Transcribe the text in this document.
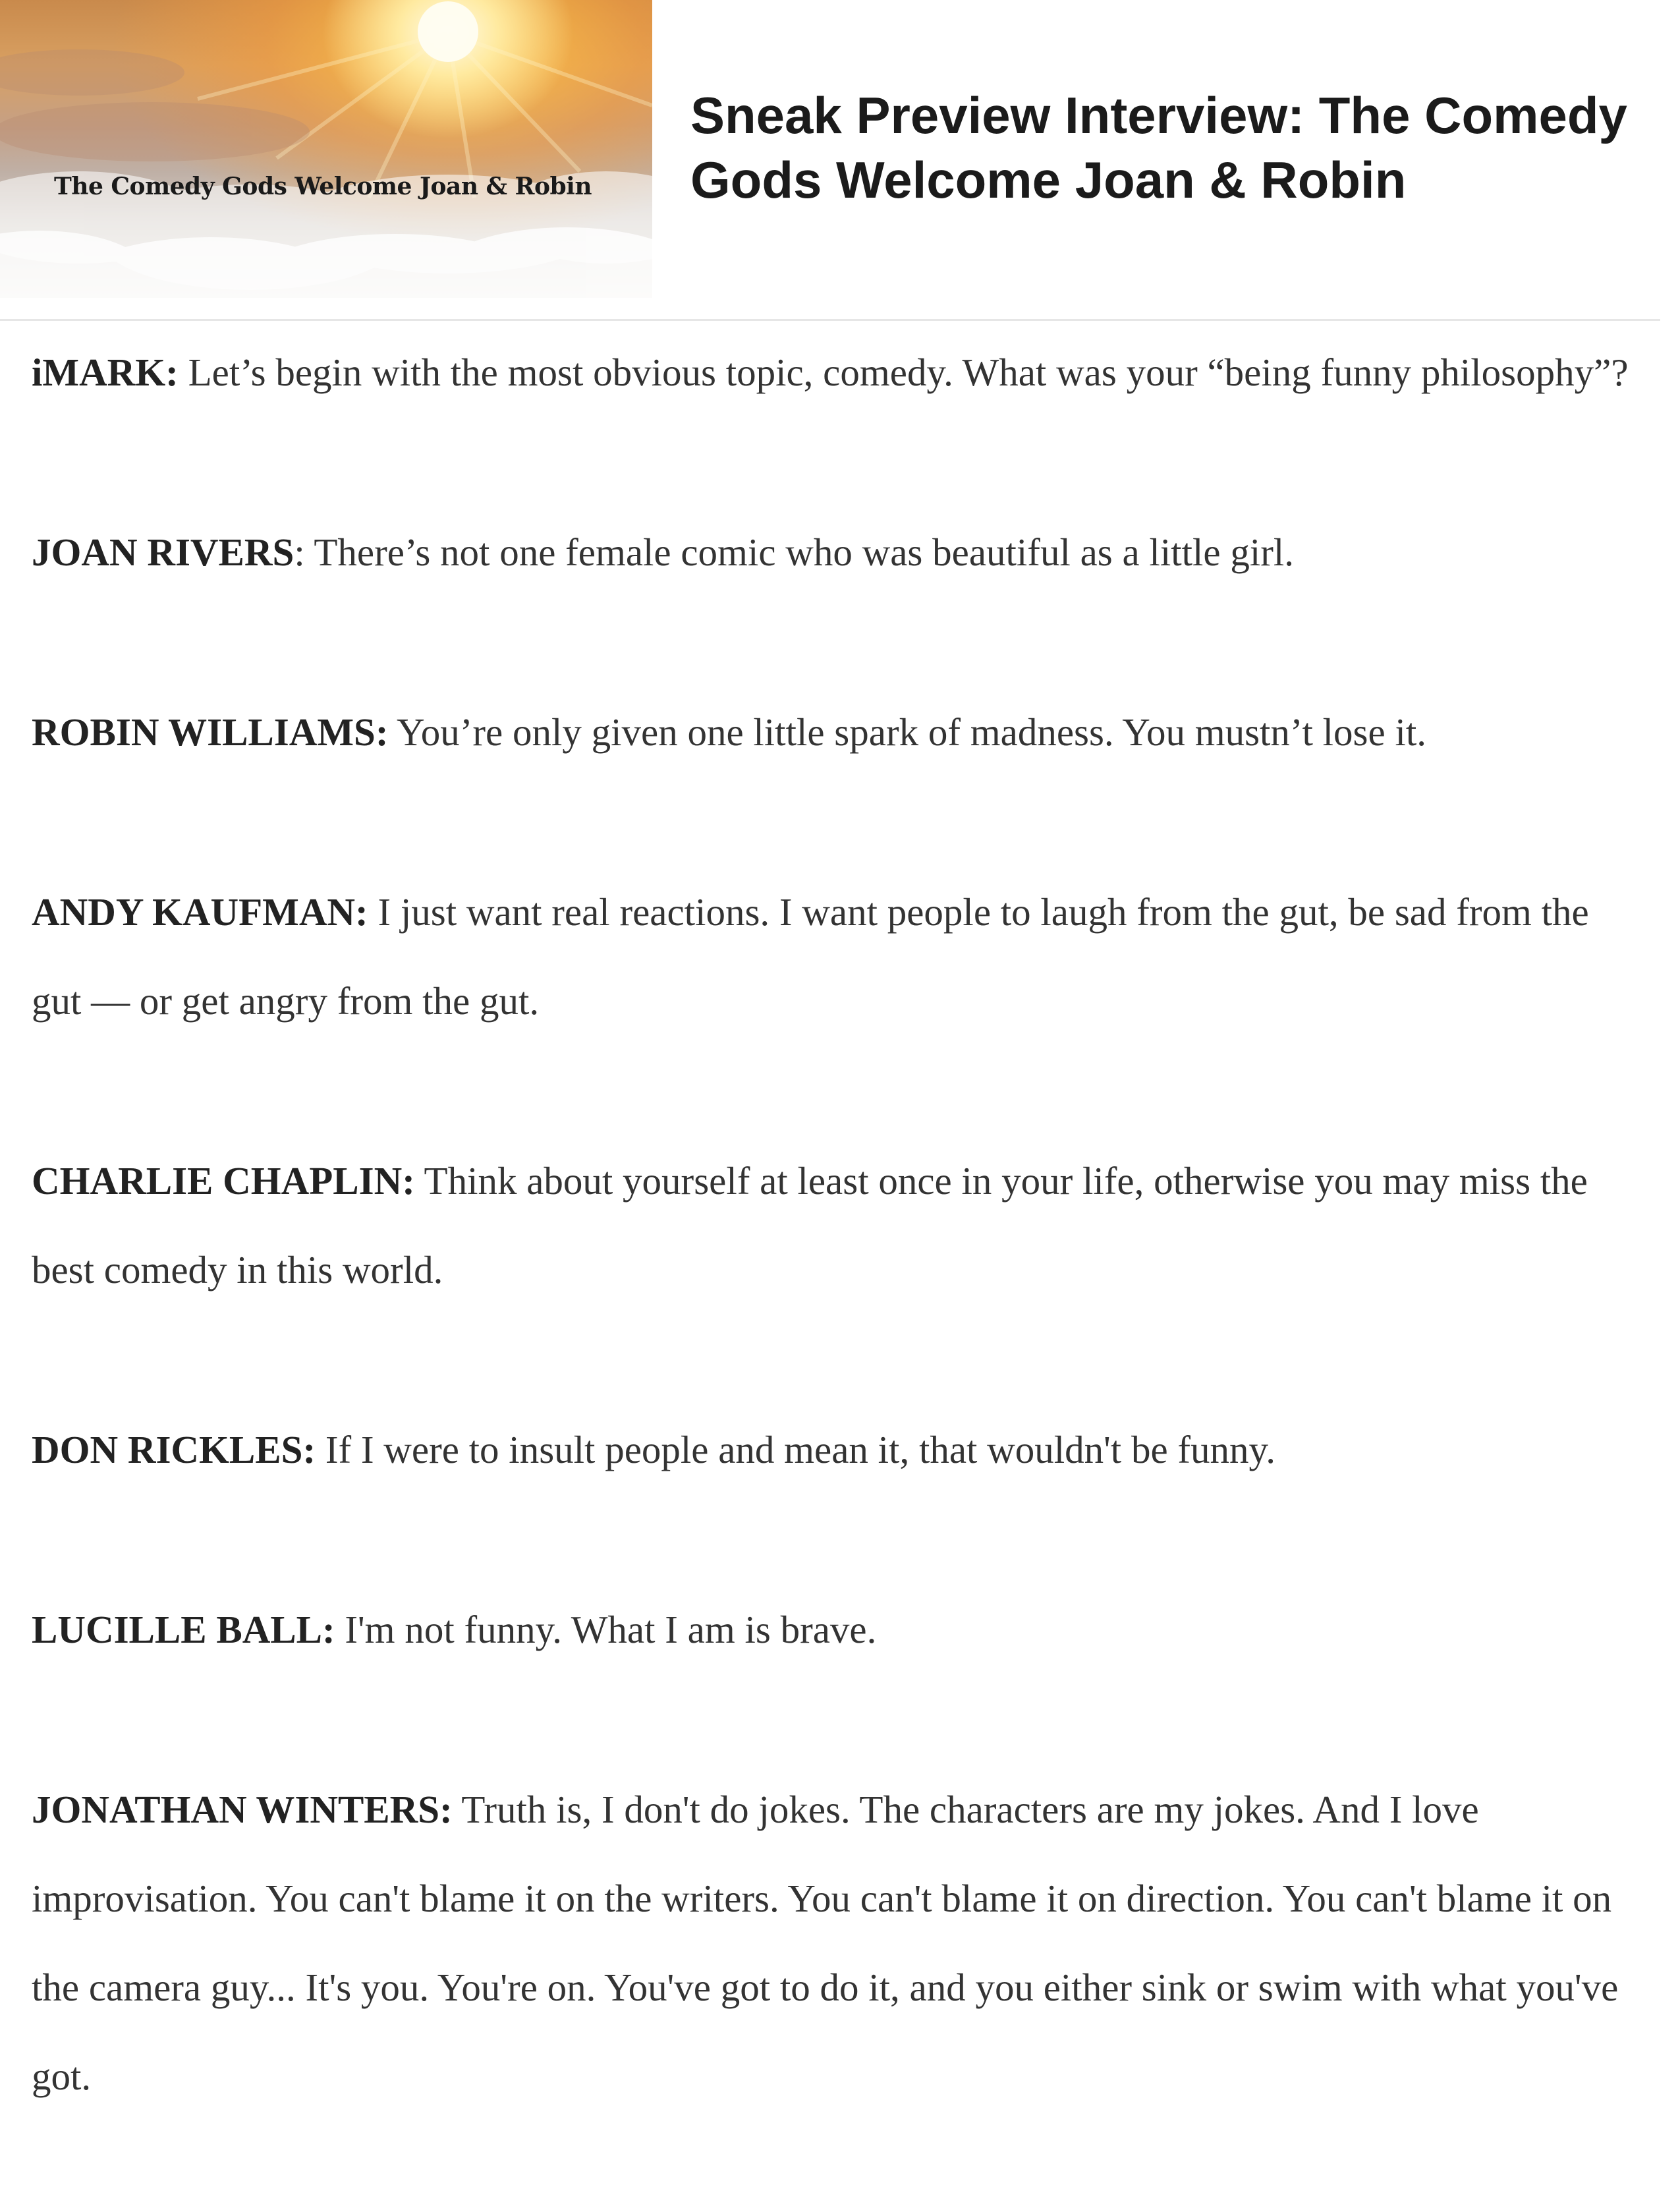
The Comedy Gods Welcome Joan & Robin
Sneak Preview Interview: The Comedy Gods Welcome Joan & Robin

iMARK: Let’s begin with the most obvious topic, comedy. What was your “being funny philosophy”?

JOAN RIVERS: There’s not one female comic who was beautiful as a little girl.

ROBIN WILLIAMS: You’re only given one little spark of madness. You mustn’t lose it.

ANDY KAUFMAN: I just want real reactions. I want people to laugh from the gut, be sad from the gut — or get angry from the gut.

CHARLIE CHAPLIN: Think about yourself at least once in your life, otherwise you may miss the best comedy in this world.

DON RICKLES: If I were to insult people and mean it, that wouldn't be funny.

LUCILLE BALL: I'm not funny. What I am is brave.

JONATHAN WINTERS: Truth is, I don't do jokes. The characters are my jokes. And I love improvisation. You can't blame it on the writers. You can't blame it on direction. You can't blame it on the camera guy... It's you. You're on. You've got to do it, and you either sink or swim with what you've got.
